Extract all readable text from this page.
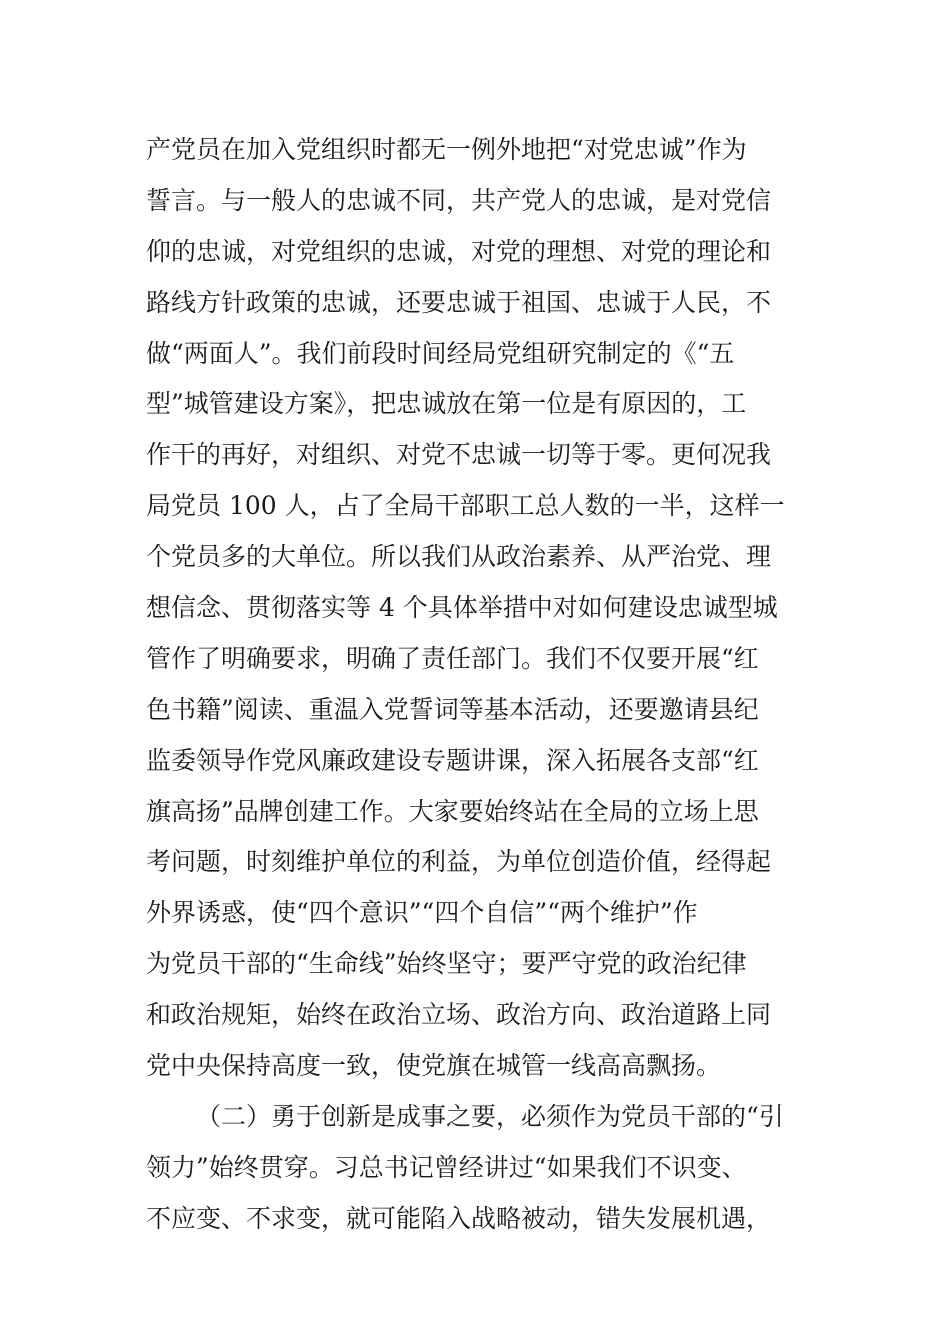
产党员在加入党组织时都无一例外地把“对党忠诚”作为
誓言。与一般人的忠诚不同，共产党人的忠诚，是对党信
仰的忠诚，对党组织的忠诚，对党的理想、对党的理论和
路线方针政策的忠诚，还要忠诚于祖国、忠诚于人民，不
做“两面人”。我们前段时间经局党组研究制定的《“五
型”城管建设方案》，把忠诚放在第一位是有原因的，工
作干的再好，对组织、对党不忠诚一切等于零。更何况我
局党员 100 人，占了全局干部职工总人数的一半，这样一
个党员多的大单位。所以我们从政治素养、从严治党、理
想信念、贯彻落实等 4 个具体举措中对如何建设忠诚型城
管作了明确要求，明确了责任部门。我们不仅要开展“红
色书籍”阅读、重温入党誓词等基本活动，还要邀请县纪
监委领导作党风廉政建设专题讲课，深入拓展各支部“红
旗高扬”品牌创建工作。大家要始终站在全局的立场上思
考问题，时刻维护单位的利益，为单位创造价值，经得起
外界诱惑，使“四个意识”“四个自信”“两个维护”作
为党员干部的“生命线”始终坚守；要严守党的政治纪律
和政治规矩，始终在政治立场、政治方向、政治道路上同
党中央保持高度一致，使党旗在城管一线高高飘扬。
（二）勇于创新是成事之要，必须作为党员干部的“引
领力”始终贯穿。习总书记曾经讲过“如果我们不识变、
不应变、不求变，就可能陷入战略被动，错失发展机遇，
